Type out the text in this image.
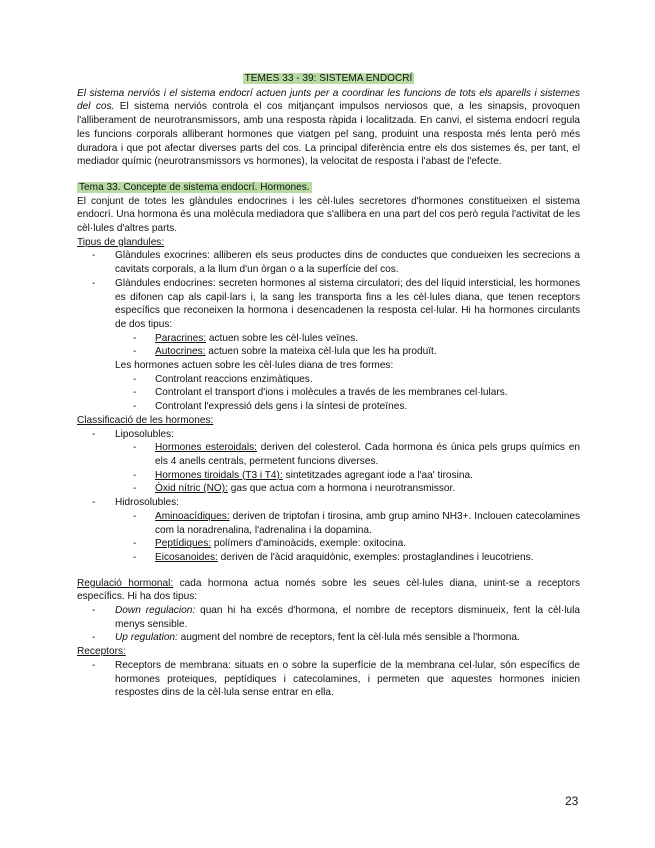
TEMES 33 - 39: SISTEMA ENDOCRÍ

El sistema nerviós i el sistema endocrí actuen junts per a coordinar les funcions de tots els aparells i sistemes del cos. El sistema nerviós controla el cos mitjançant impulsos nerviosos que, a les sinapsis, provoquen l'alliberament de neurotransmissors, amb una resposta ràpida i localitzada. En canvi, el sistema endocrí regula les funcions corporals alliberant hormones que viatgen pel sang, produint una resposta més lenta però més duradora i que pot afectar diverses parts del cos. La principal diferència entre els dos sistemes és, per tant, el mediador químic (neurotransmissors vs hormones), la velocitat de resposta i l'abast de l'efecte.

Tema 33. Concepte de sistema endocrí. Hormones.

El conjunt de totes les glàndules endocrines i les cèl·lules secretores d'hormones constitueixen el sistema endocrí. Una hormona és una molècula mediadora que s'allibera en una part del cos però regula l'activitat de les cèl·lules d'altres parts.

Tipus de glandules:
- Glàndules exocrines: alliberen els seus productes dins de conductes que condueixen les secrecions a cavitats corporals, a la llum d'un òrgan o a la superfície del cos.
- Glàndules endocrines: secreten hormones al sistema circulatori; des del líquid intersticial, les hormones es difonen cap als capil·lars i, la sang les transporta fins a les cèl·lules diana, que tenen receptors específics que reconeixen la hormona i desencadenen la resposta cel·lular. Hi ha hormones circulants de dos tipus:
- Paracrines: actuen sobre les cèl·lules veïnes.
- Autocrines: actuen sobre la mateixa cèl·lula que les ha produït.
Les hormones actuen sobre les cèl·lules diana de tres formes:
- Controlant reaccions enzimàtiques.
- Controlant el transport d'ions i molècules a través de les membranes cel·lulars.
- Controlant l'expressió dels gens i la síntesi de proteïnes.
Classificació de les hormones:
- Liposolubles:
- Hormones esteroidals: deriven del colesterol. Cada hormona és única pels grups químics en els 4 anells centrals, permetent funcions diverses.
- Hormones tiroidals (T3 i T4): sintetitzades agregant iode a l'aa' tirosina.
- Òxid nítric (NO): gas que actua com a hormona i neurotransmissor.
- Hidrosolubles:
- Aminoacídiques: deriven de triptofan i tirosina, amb grup amino NH3+. Inclouen catecolamines com la noradrenalina, l'adrenalina i la dopamina.
- Peptídiques: polímers d'aminoàcids, exemple: oxitocina.
- Eicosanoides: deriven de l'àcid araquidònic, exemples: prostaglandines i leucotriens.

Regulació hormonal: cada hormona actua només sobre les seues cèl·lules diana, unint-se a receptors específics. Hi ha dos tipus:

- Down regulacion: quan hi ha excés d'hormona, el nombre de receptors disminueix, fent la cèl·lula menys sensible.
- Up regulation: augment del nombre de receptors, fent la cèl·lula més sensible a l'hormona.
Receptors:
- Receptors de membrana: situats en o sobre la superfície de la membrana cel·lular, són específics de hormones proteiques, peptídiques i catecolamines, i permeten que aquestes hormones inicien respostes dins de la cèl·lula sense entrar en ella.
23
